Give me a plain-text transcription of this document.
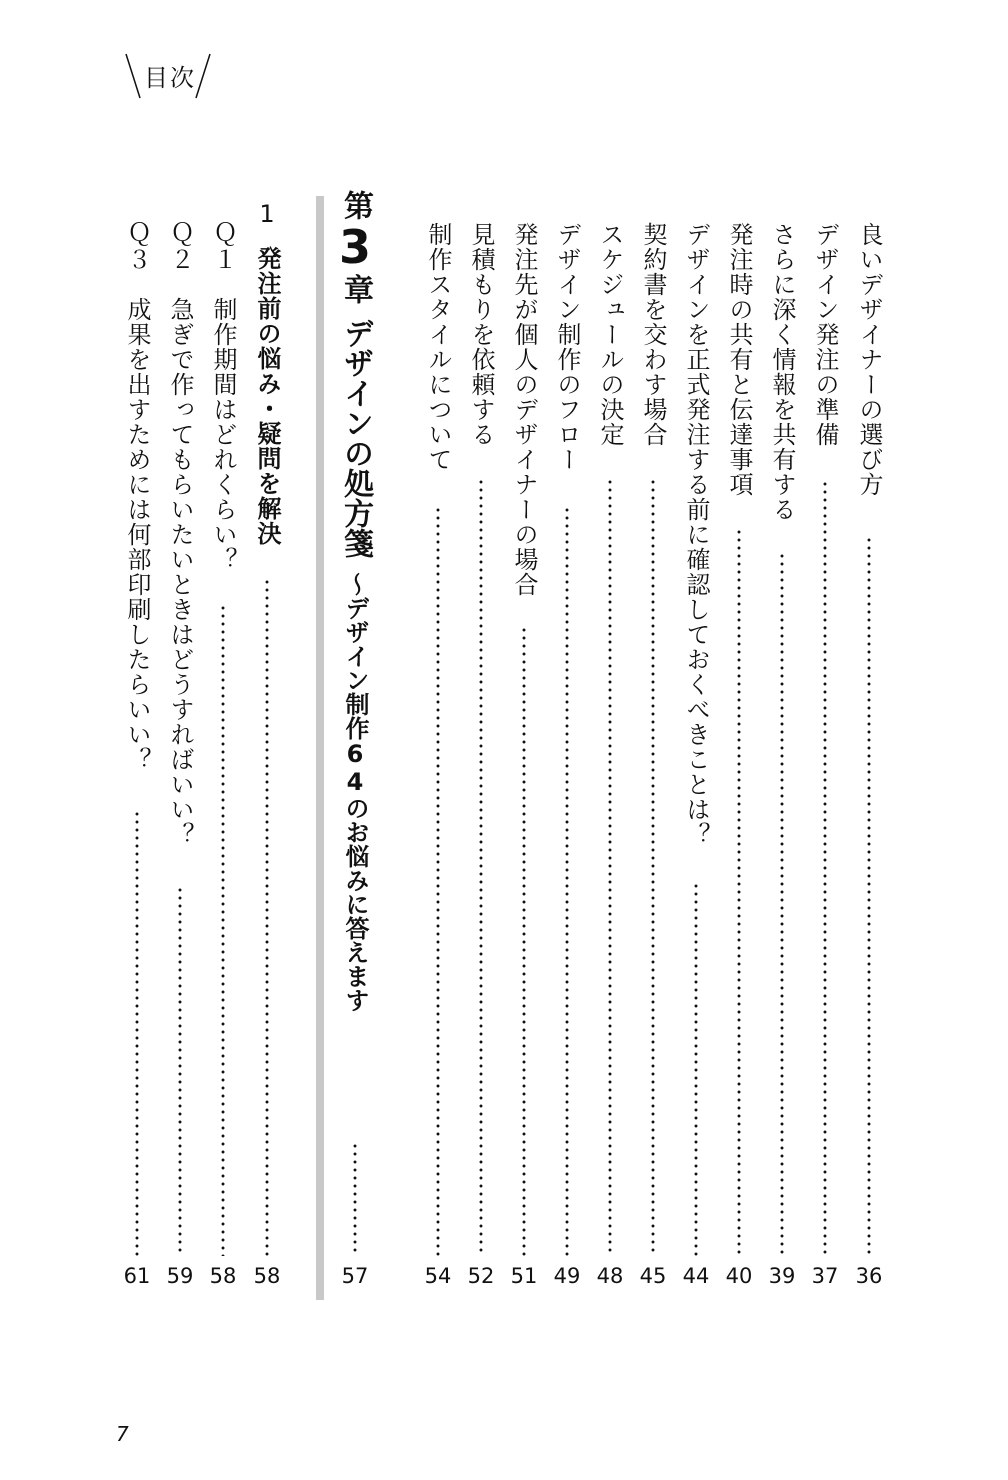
目次
良いデザイナーの選び方
36
デザイン発注の準備
37
さらに深く情報を共有する
39
発注時の共有と伝達事項
40
デザインを正式発注する前に確認しておくべきことは？
44
契約書を交わす場合
45
スケジュールの決定
48
デザイン制作のフロー
49
発注先が個人のデザイナーの場合
51
見積もりを依頼する
52
制作スタイルについて
54
第3章デザインの処方箋～デザイン制作64のお悩みに答えます
57
1
発注前の悩み・疑問を解決
58
Ｑ１　制作期間はどれくらい？
58
Ｑ２　急ぎで作ってもらいたいときはどうすればいい？
59
Ｑ３　成果を出すためには何部印刷したらいい？
61
7
